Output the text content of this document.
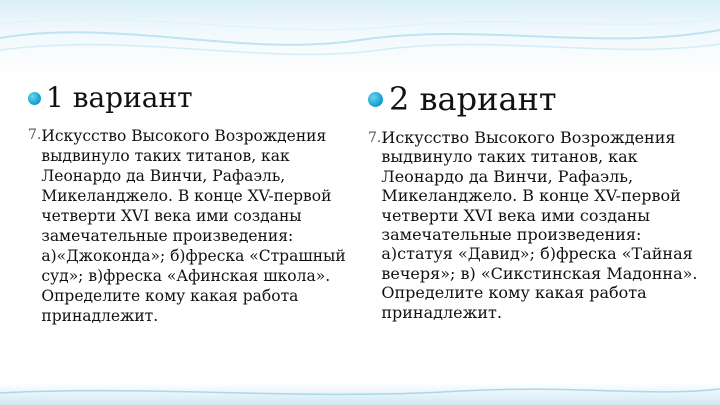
1 вариант
7. Искусство Высокого Возрождения выдвинуло таких титанов, как Леонардо да Винчи, Рафаэль, Микеланджело. В конце XV-первой четверти XVI века ими созданы замечательные произведения: а)«Джоконда»; б)фреска «Страшный суд»; в)фреска «Афинская школа». Определите кому какая работа принадлежит.

2 вариант
7. Искусство Высокого Возрождения выдвинуло таких титанов, как Леонардо да Винчи, Рафаэль, Микеланджело. В конце XV-первой четверти XVI века ими созданы замечательные произведения: а)статуя «Давид»; б)фреска «Тайная вечеря»; в) «Сикстинская Мадонна». Определите кому какая работа принадлежит.
